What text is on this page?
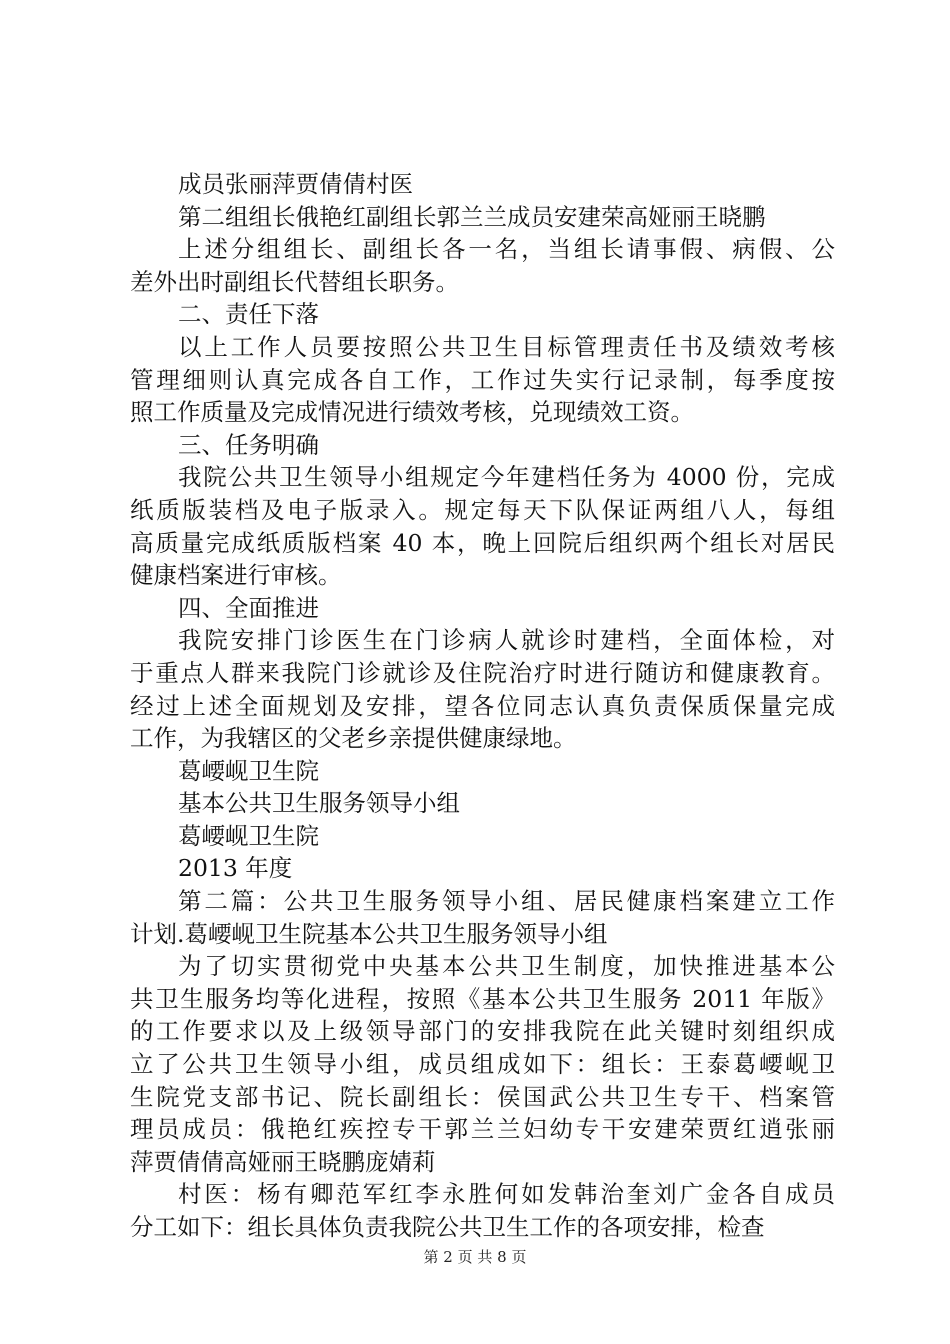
成员张丽萍贾倩倩村医
第二组组长俄艳红副组长郭兰兰成员安建荣高娅丽王晓鹏
上述分组组长、副组长各一名，当组长请事假、病假、公
差外出时副组长代替组长职务。
二、责任下落
以上工作人员要按照公共卫生目标管理责任书及绩效考核
管理细则认真完成各自工作，工作过失实行记录制，每季度按
照工作质量及完成情况进行绩效考核，兑现绩效工资。
三、任务明确
我院公共卫生领导小组规定今年建档任务为 4000 份，完成
纸质版装档及电子版录入。规定每天下队保证两组八人，每组
高质量完成纸质版档案 40 本，晚上回院后组织两个组长对居民
健康档案进行审核。
四、全面推进
我院安排门诊医生在门诊病人就诊时建档，全面体检，对
于重点人群来我院门诊就诊及住院治疗时进行随访和健康教育。
经过上述全面规划及安排，望各位同志认真负责保质保量完成
工作，为我辖区的父老乡亲提供健康绿地。
葛崾岘卫生院
基本公共卫生服务领导小组
葛崾岘卫生院
2013 年度
第二篇：公共卫生服务领导小组、居民健康档案建立工作
计划.葛崾岘卫生院基本公共卫生服务领导小组
为了切实贯彻党中央基本公共卫生制度，加快推进基本公
共卫生服务均等化进程，按照《基本公共卫生服务 2011 年版》
的工作要求以及上级领导部门的安排我院在此关键时刻组织成
立了公共卫生领导小组，成员组成如下：组长：王泰葛崾岘卫
生院党支部书记、院长副组长：侯国武公共卫生专干、档案管
理员成员：俄艳红疾控专干郭兰兰妇幼专干安建荣贾红逍张丽
萍贾倩倩高娅丽王晓鹏庞婧莉
村医：杨有卿范军红李永胜何如发韩治奎刘广金各自成员
分工如下：组长具体负责我院公共卫生工作的各项安排，检查
第 2 页 共 8 页
